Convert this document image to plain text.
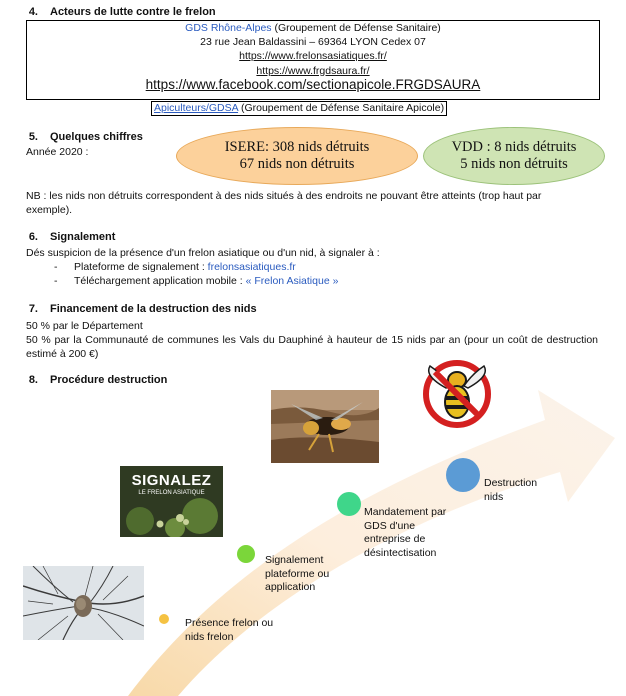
4. Acteurs de lutte contre le frelon
GDS Rhône-Alpes (Groupement de Défense Sanitaire)
23 rue Jean Baldassini – 69364 LYON Cedex 07
https://www.frelonsasiatiques.fr/
https://www.frgdsaura.fr/
https://www.facebook.com/sectionapicole.FRGDSAURA
Apiculteurs/GDSA (Groupement de Défense Sanitaire Apicole)
5. Quelques chiffres
Année 2020 :	ISERE: 308 nids détruits
67 nids non détruits
VDD : 8 nids détruits
5 nids non détruits
NB : les nids non détruits correspondent à des nids situés à des endroits ne pouvant être atteints (trop haut par exemple).
6. Signalement
Dés suspicion de la présence d'un frelon asiatique ou d'un nid, à signaler à :
- Plateforme de signalement : frelonsasiatiques.fr
- Téléchargement application mobile : « Frelon Asiatique »
7. Financement de la destruction des nids
50 % par le Département
50 % par la Communauté de communes les Vals du Dauphiné à hauteur de 15 nids par an (pour un coût de destruction estimé à 200 €)
8. Procédure destruction
SIGNALEZ
LE FRELON ASIATIQUE
Présence frelon ou nids frelon
Signalement plateforme ou application
Mandatement par GDS d'une entreprise de désintectisation
Destruction nids
